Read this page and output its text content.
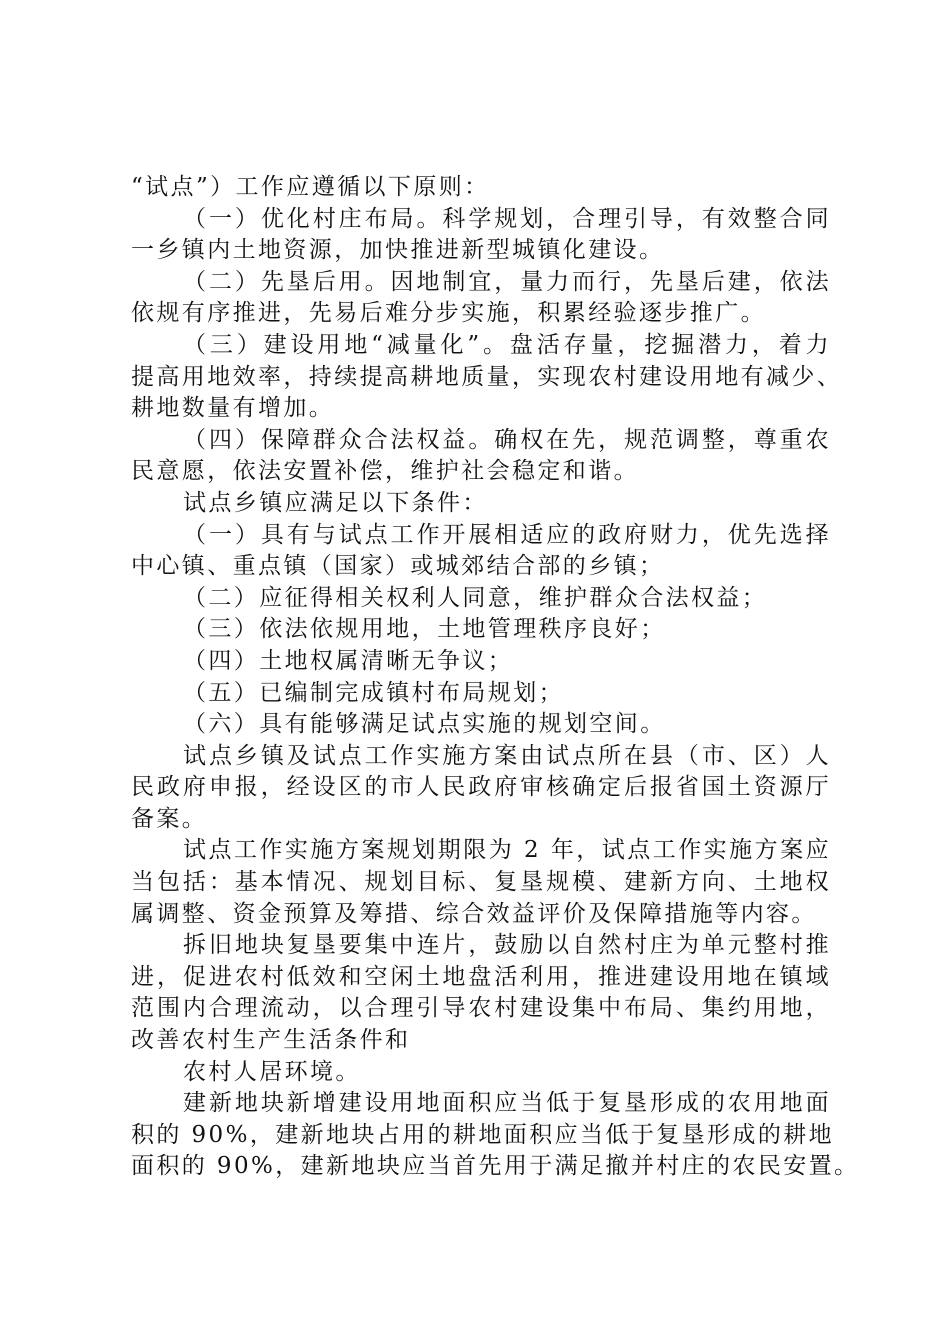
“试点”）工作应遵循以下原则：
（一）优化村庄布局。科学规划，合理引导，有效整合同
一乡镇内土地资源，加快推进新型城镇化建设。
（二）先垦后用。因地制宜，量力而行，先垦后建，依法
依规有序推进，先易后难分步实施，积累经验逐步推广。
（三）建设用地“减量化”。盘活存量，挖掘潜力，着力
提高用地效率，持续提高耕地质量，实现农村建设用地有减少、
耕地数量有增加。
（四）保障群众合法权益。确权在先，规范调整，尊重农
民意愿，依法安置补偿，维护社会稳定和谐。
试点乡镇应满足以下条件：
（一）具有与试点工作开展相适应的政府财力，优先选择
中心镇、重点镇（国家）或城郊结合部的乡镇；
（二）应征得相关权利人同意，维护群众合法权益；
（三）依法依规用地，土地管理秩序良好；
（四）土地权属清晰无争议；
（五）已编制完成镇村布局规划；
（六）具有能够满足试点实施的规划空间。
试点乡镇及试点工作实施方案由试点所在县（市、区）人
民政府申报，经设区的市人民政府审核确定后报省国土资源厅
备案。
试点工作实施方案规划期限为 2 年，试点工作实施方案应
当包括：基本情况、规划目标、复垦规模、建新方向、土地权
属调整、资金预算及筹措、综合效益评价及保障措施等内容。
拆旧地块复垦要集中连片，鼓励以自然村庄为单元整村推
进，促进农村低效和空闲土地盘活利用，推进建设用地在镇域
范围内合理流动，以合理引导农村建设集中布局、集约用地，
改善农村生产生活条件和
农村人居环境。
建新地块新增建设用地面积应当低于复垦形成的农用地面
积的 90%，建新地块占用的耕地面积应当低于复垦形成的耕地
面积的 90%，建新地块应当首先用于满足撤并村庄的农民安置。
